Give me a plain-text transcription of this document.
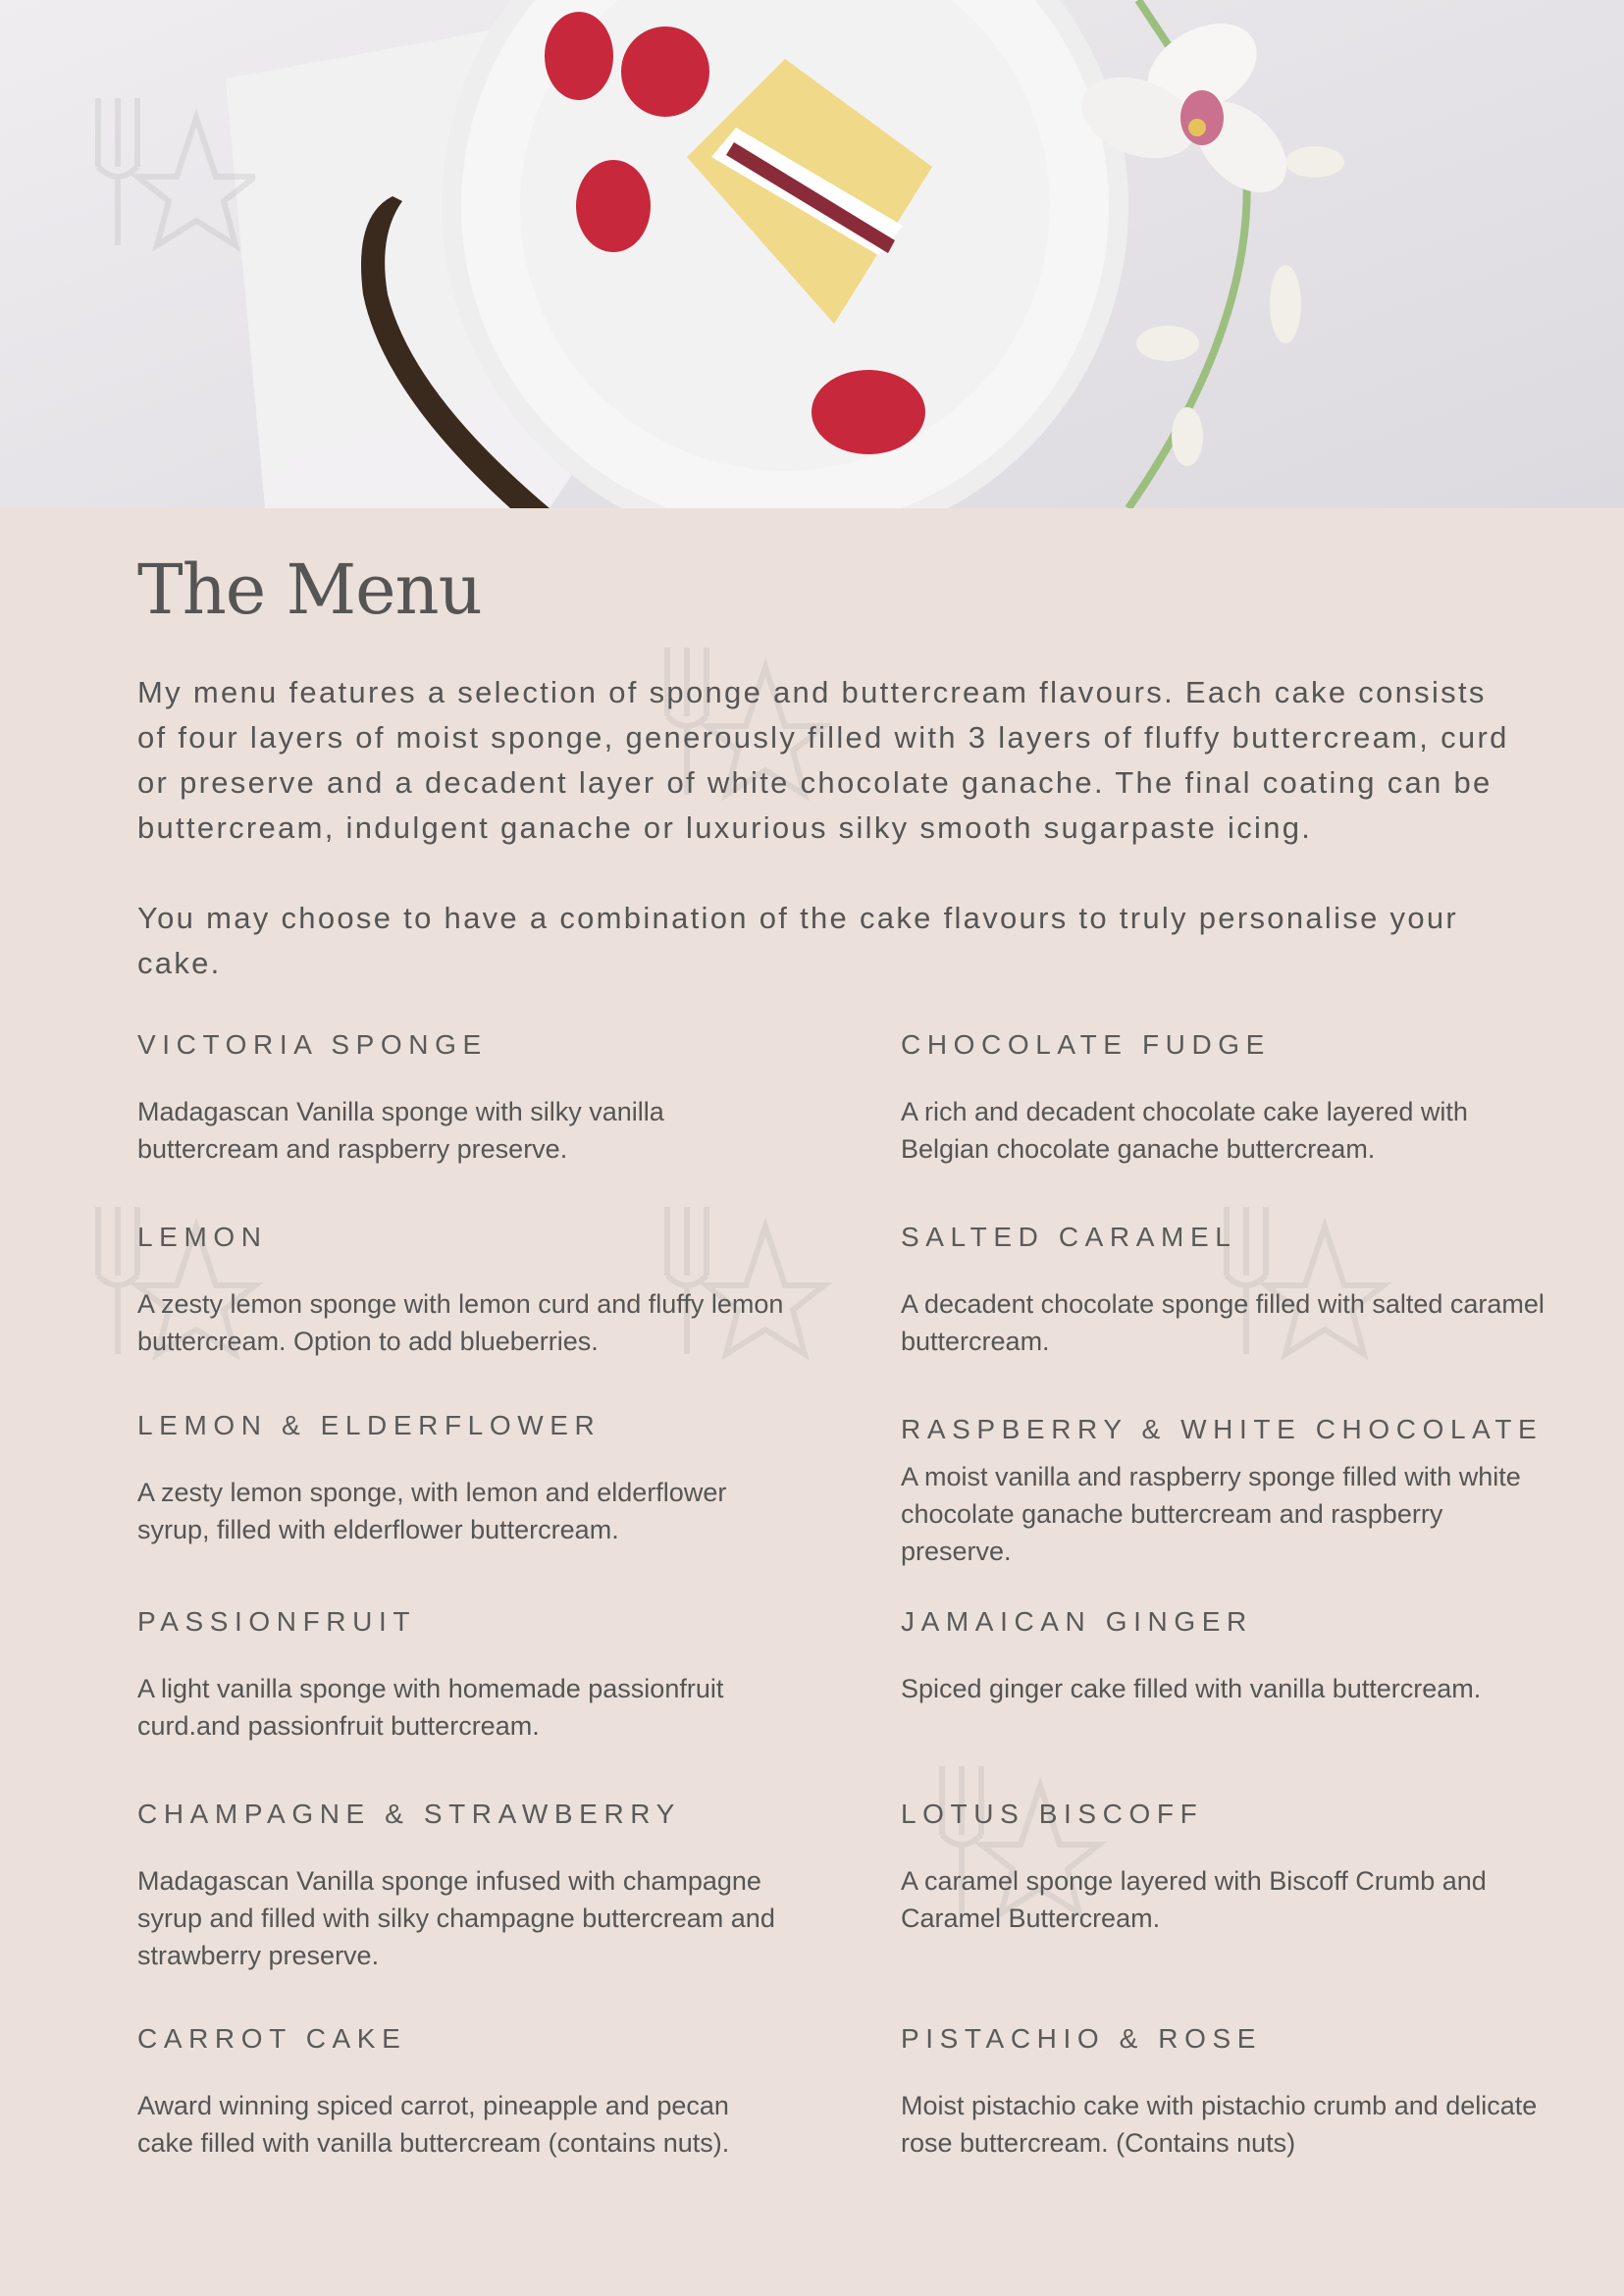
The Menu

My menu features a selection of sponge and buttercream flavours. Each cake consists of four layers of moist sponge, generously filled with 3 layers of fluffy buttercream, curd or preserve and a decadent layer of white chocolate ganache. The final coating can be buttercream, indulgent ganache or luxurious silky smooth sugarpaste icing.

You may choose to have a combination of the cake flavours to truly personalise your cake.

VICTORIA SPONGE

Madagascan Vanilla sponge with silky vanilla buttercream and raspberry preserve.

LEMON

A zesty lemon sponge with lemon curd and fluffy lemon buttercream. Option to add blueberries.

LEMON & ELDERFLOWER

A zesty lemon sponge, with lemon and elderflower syrup, filled with elderflower buttercream.

PASSIONFRUIT

A light vanilla sponge with homemade passionfruit curd.and passionfruit buttercream.

CHAMPAGNE & STRAWBERRY

Madagascan Vanilla sponge infused with champagne syrup and filled with silky champagne buttercream and strawberry preserve.

CARROT CAKE

Award winning spiced carrot, pineapple and pecan cake filled with vanilla buttercream (contains nuts).

CHOCOLATE FUDGE

A rich and decadent chocolate cake layered with Belgian chocolate ganache buttercream.

SALTED CARAMEL

A decadent chocolate sponge filled with salted caramel buttercream.

RASPBERRY & WHITE CHOCOLATE

A moist vanilla and raspberry sponge filled with white chocolate ganache buttercream and raspberry preserve.

JAMAICAN GINGER

Spiced ginger cake filled with vanilla buttercream.

LOTUS BISCOFF

A caramel sponge layered with Biscoff Crumb and Caramel Buttercream.

PISTACHIO & ROSE

Moist pistachio cake with pistachio crumb and delicate rose buttercream. (Contains nuts)
